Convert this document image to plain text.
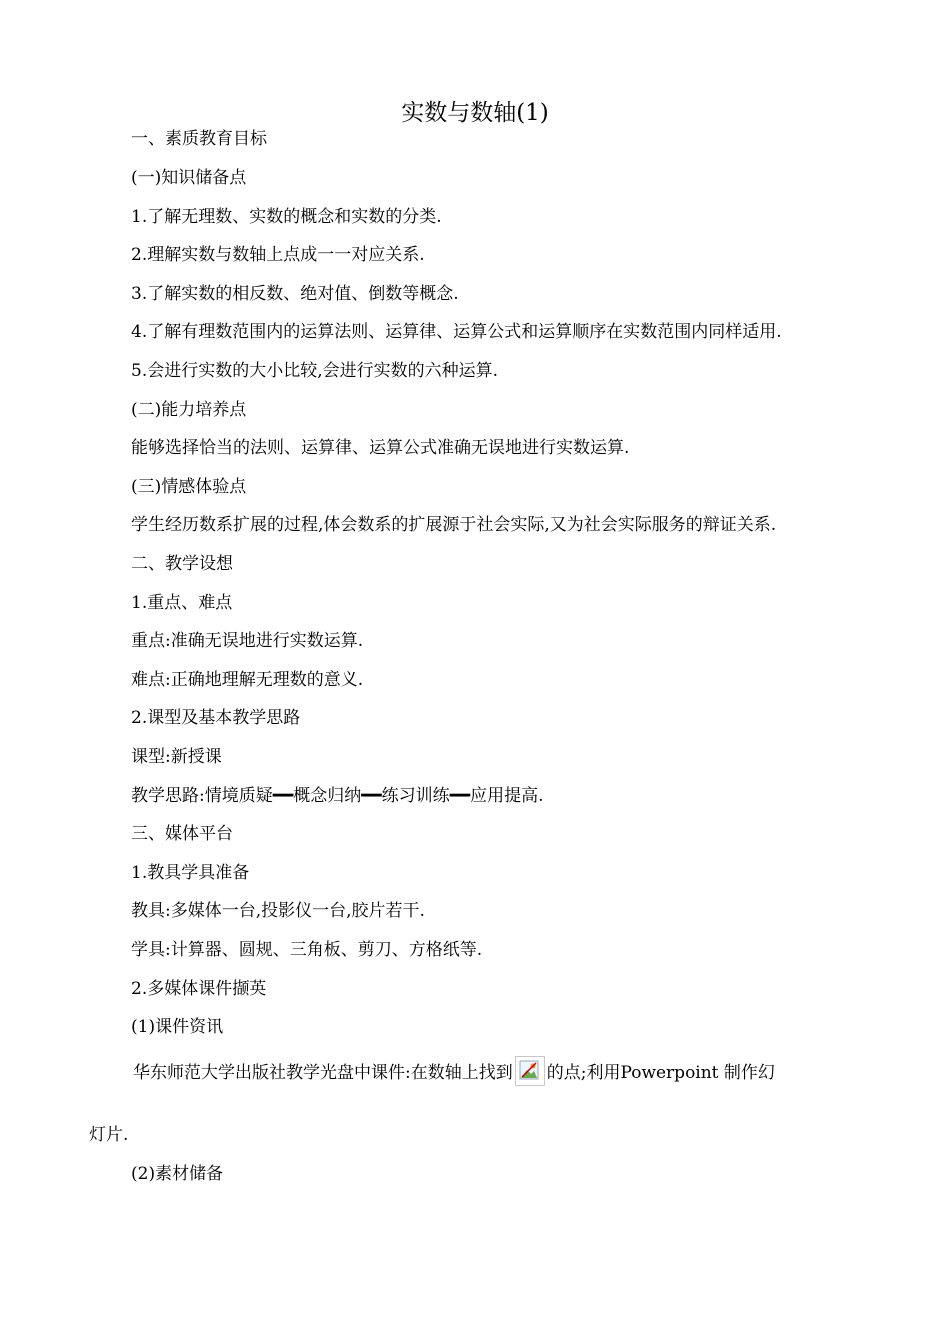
实数与数轴(1)
一、素质教育目标
(一)知识储备点
1.了解无理数、实数的概念和实数的分类.
2.理解实数与数轴上点成一一对应关系.
3.了解实数的相反数、绝对值、倒数等概念.
4.了解有理数范围内的运算法则、运算律、运算公式和运算顺序在实数范围内同样适用.
5.会进行实数的大小比较,会进行实数的六种运算.
(二)能力培养点
能够选择恰当的法则、运算律、运算公式准确无误地进行实数运算.
(三)情感体验点
学生经历数系扩展的过程,体会数系的扩展源于社会实际,又为社会实际服务的辩证关系.
二、教学设想
1.重点、难点
重点:准确无误地进行实数运算.
难点:正确地理解无理数的意义.
2.课型及基本教学思路
课型:新授课
教学思路:情境质疑━━概念归纳━━练习训练━━应用提高.
三、媒体平台
1.教具学具准备
教具:多媒体一台,投影仪一台,胶片若干.
学具:计算器、圆规、三角板、剪刀、方格纸等.
2.多媒体课件撷英
(1)课件资讯
华东师范大学出版社教学光盘中课件:在数轴上找到 的点;利用Powerpoint 制作幻
灯片.
(2)素材储备
